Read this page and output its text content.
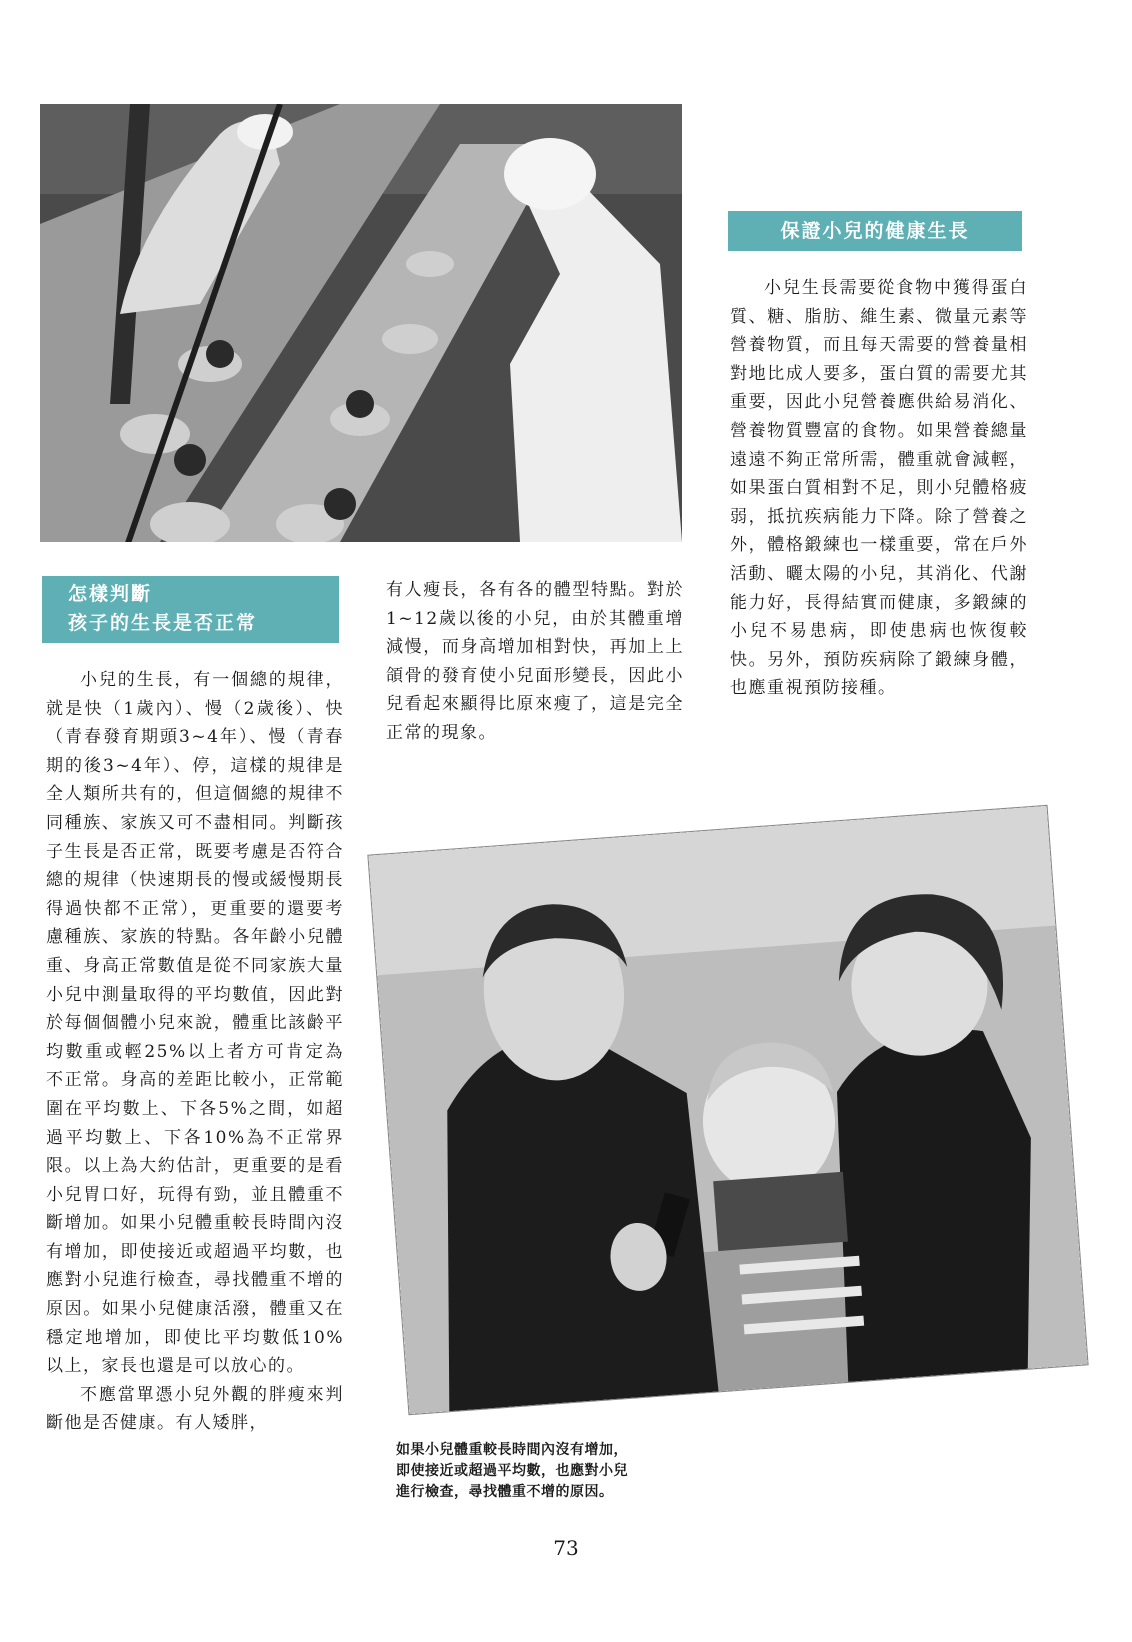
保證小兒的健康生長
怎樣判斷
孩子的生長是否正常

小兒的生長，有一個總的規律，就是快（1歲內）、慢（2歲後）、快（青春發育期頭3~4年）、慢（青春期的後3~4年）、停，這樣的規律是全人類所共有的，但這個總的規律不同種族、家族又可不盡相同。判斷孩子生長是否正常，既要考慮是否符合總的規律（快速期長的慢或緩慢期長得過快都不正常），更重要的還要考慮種族、家族的特點。各年齡小兒體重、身高正常數值是從不同家族大量小兒中測量取得的平均數值，因此對於每個個體小兒來說，體重比該齡平均數重或輕25%以上者方可肯定為不正常。身高的差距比較小，正常範圍在平均數上、下各5%之間，如超過平均數上、下各10%為不正常界限。以上為大約估計，更重要的是看小兒胃口好，玩得有勁，並且體重不斷增加。如果小兒體重較長時間內沒有增加，即使接近或超過平均數，也應對小兒進行檢查，尋找體重不增的原因。如果小兒健康活潑，體重又在穩定地增加，即使比平均數低10%以上，家長也還是可以放心的。

不應當單憑小兒外觀的胖瘦來判斷他是否健康。有人矮胖，

有人瘦長，各有各的體型特點。對於1~12歲以後的小兒，由於其體重增減慢，而身高增加相對快，再加上上頜骨的發育使小兒面形變長，因此小兒看起來顯得比原來瘦了，這是完全正常的現象。

小兒生長需要從食物中獲得蛋白質、糖、脂肪、維生素、微量元素等營養物質，而且每天需要的營養量相對地比成人要多，蛋白質的需要尤其重要，因此小兒營養應供給易消化、營養物質豐富的食物。如果營養總量遠遠不夠正常所需，體重就會減輕，如果蛋白質相對不足，則小兒體格疲弱，抵抗疾病能力下降。除了營養之外，體格鍛練也一樣重要，常在戶外活動、曬太陽的小兒，其消化、代謝能力好，長得結實而健康，多鍛練的小兒不易患病，即使患病也恢復較快。另外，預防疾病除了鍛練身體，也應重視預防接種。

如果小兒體重較長時間內沒有增加，
即使接近或超過平均數，也應對小兒
進行檢查，尋找體重不增的原因。
73
